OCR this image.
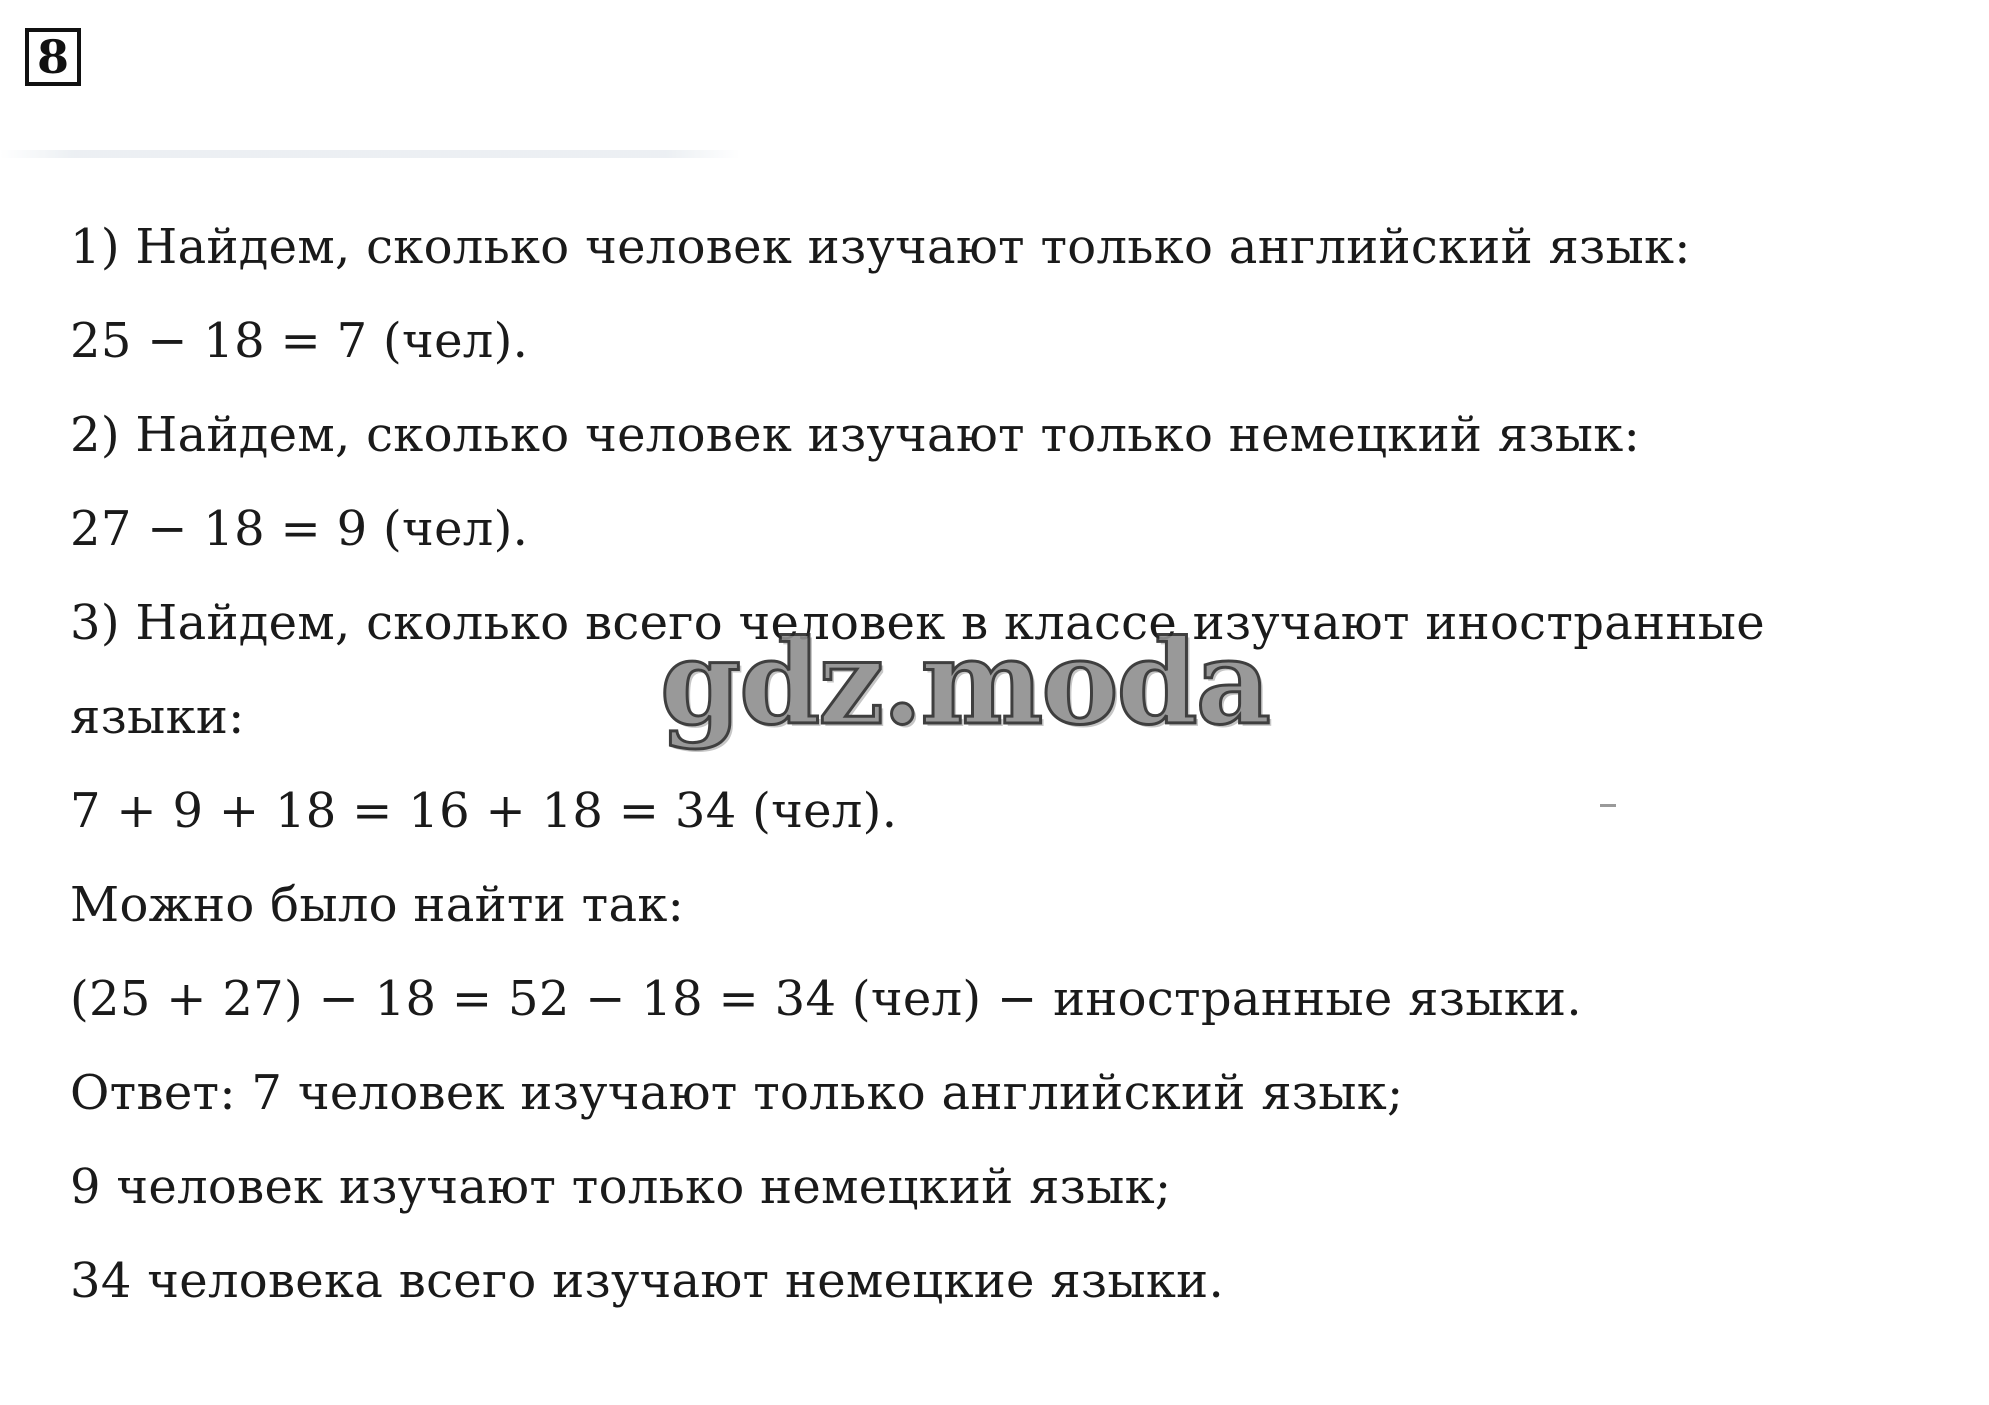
8
1) Найдем, сколько человек изучают только английский язык:
25 − 18 = 7 (чел).
2) Найдем, сколько человек изучают только немецкий язык:
27 − 18 = 9 (чел).
3) Найдем, сколько всего человек в классе изучают иностранные
языки:
7 + 9 + 18 = 16 + 18 = 34 (чел).
Можно было найти так:
(25 + 27) − 18 = 52 − 18 = 34 (чел) − иностранные языки.
Ответ: 7 человек изучают только английский язык;
9 человек изучают только немецкий язык;
34 человека всего изучают немецкие языки.
gdz.moda
